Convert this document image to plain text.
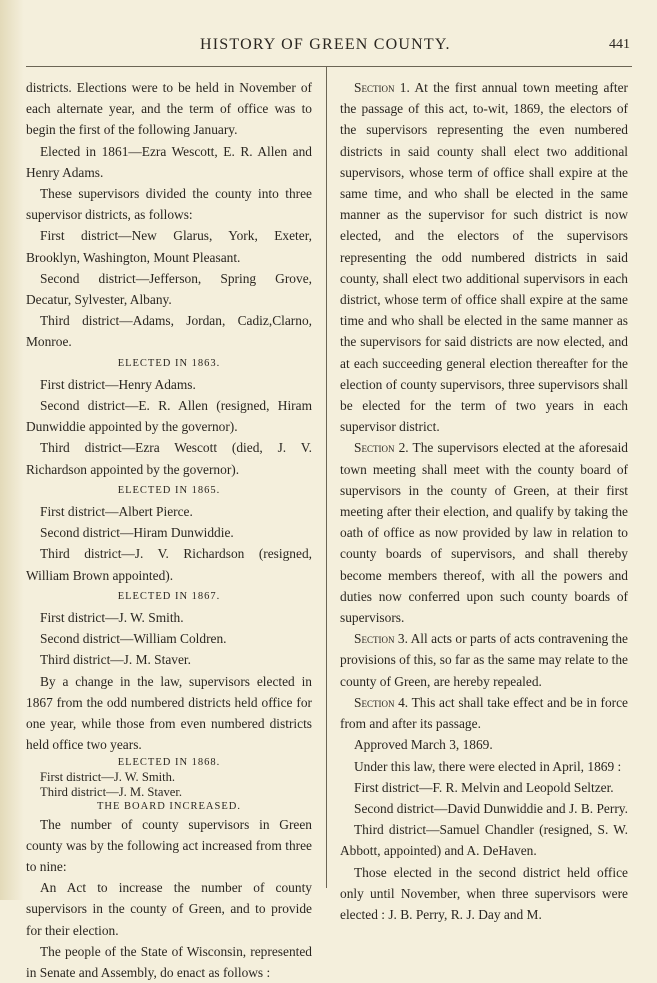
HISTORY OF GREEN COUNTY.	441

districts. Elections were to be held in November of each alternate year, and the term of office was to begin the first of the following January.

Elected in 1861—Ezra Wescott, E. R. Allen and Henry Adams.

These supervisors divided the county into three supervisor districts, as follows:

First district—New Glarus, York, Exeter, Brooklyn, Washington, Mount Pleasant.

Second district—Jefferson, Spring Grove, Decatur, Sylvester, Albany.

Third district—Adams, Jordan, Cadiz,Clarno, Monroe.

ELECTED IN 1863.

First district—Henry Adams.

Second district—E. R. Allen (resigned, Hiram Dunwiddie appointed by the governor).

Third district—Ezra Wescott (died, J. V. Richardson appointed by the governor).

ELECTED IN 1865.

First district—Albert Pierce.

Second district—Hiram Dunwiddie.

Third district—J. V. Richardson (resigned, William Brown appointed).

ELECTED IN 1867.

First district—J. W. Smith.

Second district—William Coldren.

Third district—J. M. Staver.

By a change in the law, supervisors elected in 1867 from the odd numbered districts held office for one year, while those from even numbered districts held office two years.

ELECTED IN 1868.

First district—J. W. Smith.

Third district—J. M. Staver.

THE BOARD INCREASED.

The number of county supervisors in Green county was by the following act increased from three to nine:

An Act to increase the number of county supervisors in the county of Green, and to provide for their election.

The people of the State of Wisconsin, represented in Senate and Assembly, do enact as follows :

Section 1. At the first annual town meeting after the passage of this act, to-wit, 1869, the electors of the supervisors representing the even numbered districts in said county shall elect two additional supervisors, whose term of office shall expire at the same time, and who shall be elected in the same manner as the supervisor for such district is now elected, and the electors of the supervisors representing the odd numbered districts in said county, shall elect two additional supervisors in each district, whose term of office shall expire at the same time and who shall be elected in the same manner as the supervisors for said districts are now elected, and at each succeeding general election thereafter for the election of county supervisors, three supervisors shall be elected for the term of two years in each supervisor district.

Section 2. The supervisors elected at the aforesaid town meeting shall meet with the county board of supervisors in the county of Green, at their first meeting after their election, and qualify by taking the oath of office as now provided by law in relation to county boards of supervisors, and shall thereby become members thereof, with all the powers and duties now conferred upon such county boards of supervisors.

Section 3. All acts or parts of acts contravening the provisions of this, so far as the same may relate to the county of Green, are hereby repealed.

Section 4. This act shall take effect and be in force from and after its passage.

Approved March 3, 1869.

Under this law, there were elected in April, 1869 :

First district—F. R. Melvin and Leopold Seltzer.

Second district—David Dunwiddie and J. B. Perry.

Third district—Samuel Chandler (resigned, S. W. Abbott, appointed) and A. DeHaven.

Those elected in the second district held office only until November, when three supervisors were elected : J. B. Perry, R. J. Day and M.
